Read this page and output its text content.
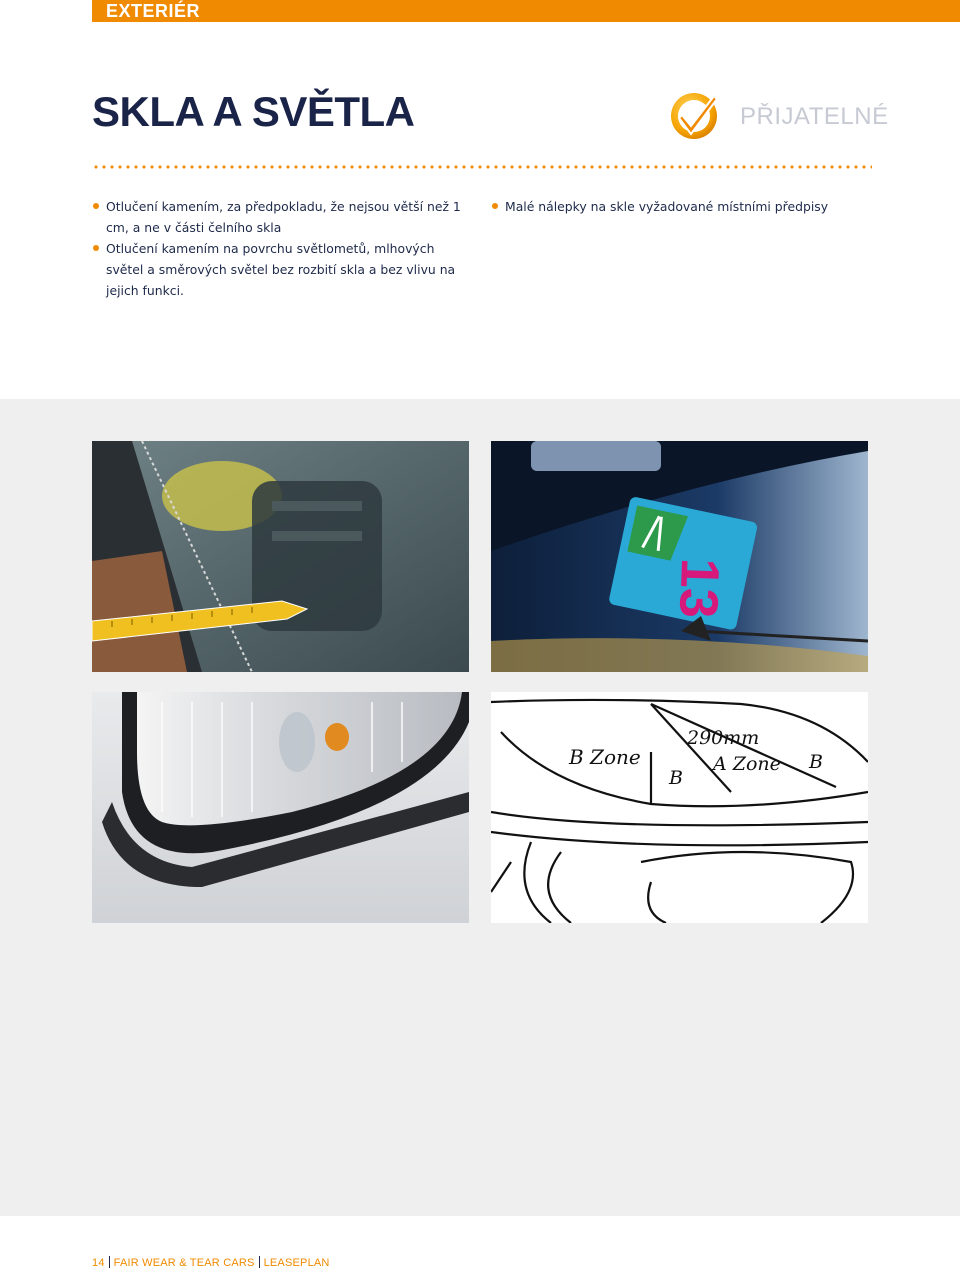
EXTERIÉR
SKLA A SVĚTLA	PŘIJATELNÉ
Otlučení kamením, za předpokladu, že nejsou větší než 1 cm, a ne v části čelního skla
Otlučení kamením na povrchu světlometů, mlhových světel a směrových světel bez rozbití skla a bez vlivu na jejich funkci.
Malé nálepky na skle vyžadované místními předpisy
13
B Zone
290mm
A Zone
B
B
14 FAIR WEAR & TEAR CARS LEASEPLAN
